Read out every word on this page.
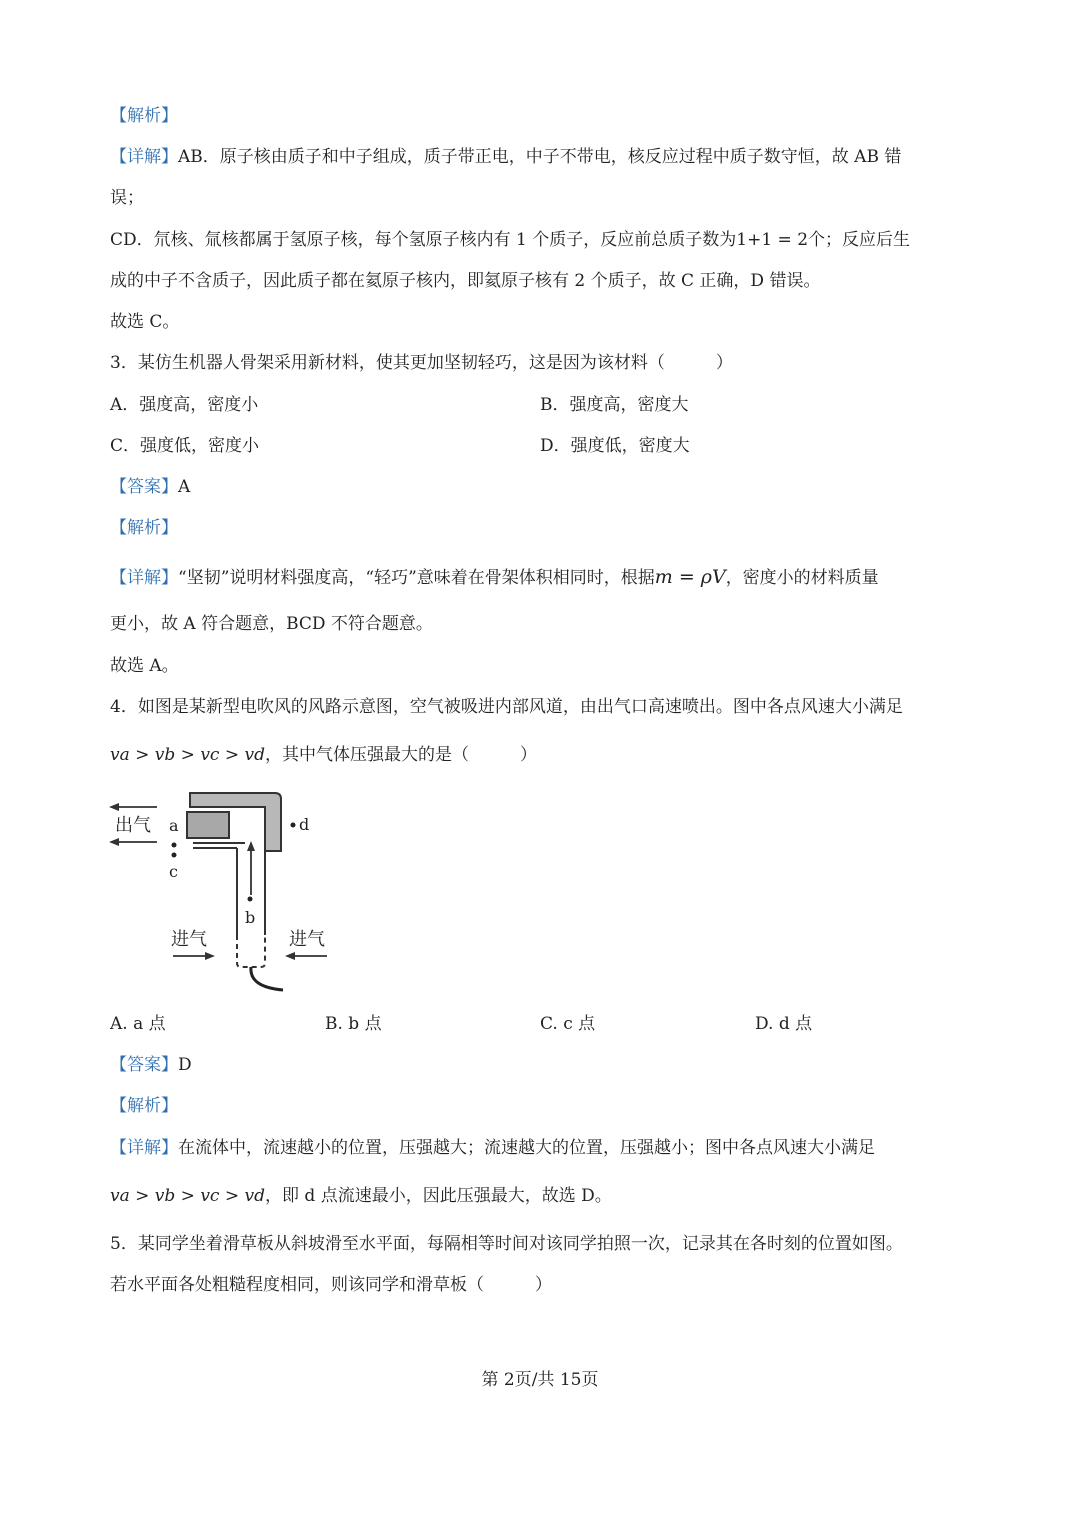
【解析】
【详解】AB．原子核由质子和中子组成，质子带正电，中子不带电，核反应过程中质子数守恒，故 AB 错
误；
CD．氘核、氚核都属于氢原子核，每个氢原子核内有 1 个质子，反应前总质子数为1+1 = 2个；反应后生
成的中子不含质子，因此质子都在氦原子核内，即氦原子核有 2 个质子，故 C 正确，D 错误。
故选 C。
3．某仿生机器人骨架采用新材料，使其更加坚韧轻巧，这是因为该材料（　　　）
A．强度高，密度小	B．强度高，密度大
C．强度低，密度小	D．强度低，密度大
【答案】A
【解析】
【详解】“坚韧”说明材料强度高，“轻巧”意味着在骨架体积相同时，根据m = ρV，密度小的材料质量
更小，故 A 符合题意，BCD 不符合题意。
故选 A。
4．如图是某新型电吹风的风路示意图，空气被吸进内部风道，由出气口高速喷出。图中各点风速大小满足
va > vb > vc > vd，其中气体压强最大的是（　　　）
出气 a
c
d
b
进气	进气
A. a 点	B. b 点	C. c 点	D. d 点
【答案】D
【解析】
【详解】在流体中，流速越小的位置，压强越大；流速越大的位置，压强越小；图中各点风速大小满足
va > vb > vc > vd，即 d 点流速最小，因此压强最大，故选 D。
5．某同学坐着滑草板从斜坡滑至水平面，每隔相等时间对该同学拍照一次，记录其在各时刻的位置如图。
若水平面各处粗糙程度相同，则该同学和滑草板（　　　）
第 2页/共 15页
